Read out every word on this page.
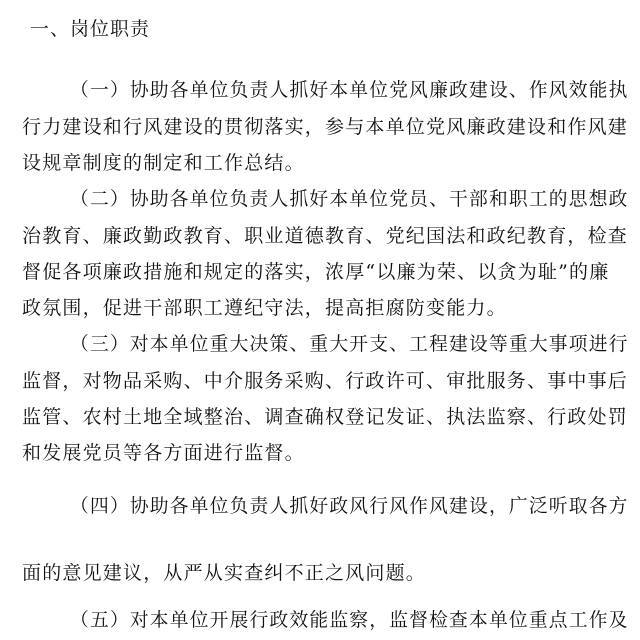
一、岗位职责
（一）协助各单位负责人抓好本单位党风廉政建设、作风效能执
行力建设和行风建设的贯彻落实，参与本单位党风廉政建设和作风建
设规章制度的制定和工作总结。
（二）协助各单位负责人抓好本单位党员、干部和职工的思想政
治教育、廉政勤政教育、职业道德教育、党纪国法和政纪教育，检查
督促各项廉政措施和规定的落实，浓厚“以廉为荣、以贪为耻”的廉
政氛围，促进干部职工遵纪守法，提高拒腐防变能力。
（三）对本单位重大决策、重大开支、工程建设等重大事项进行
监督，对物品采购、中介服务采购、行政许可、审批服务、事中事后
监管、农村土地全域整治、调查确权登记发证、执法监察、行政处罚
和发展党员等各方面进行监督。
（四）协助各单位负责人抓好政风行风作风建设，广泛听取各方
面的意见建议，从严从实查纠不正之风问题。
（五）对本单位开展行政效能监察，监督检查本单位重点工作及
